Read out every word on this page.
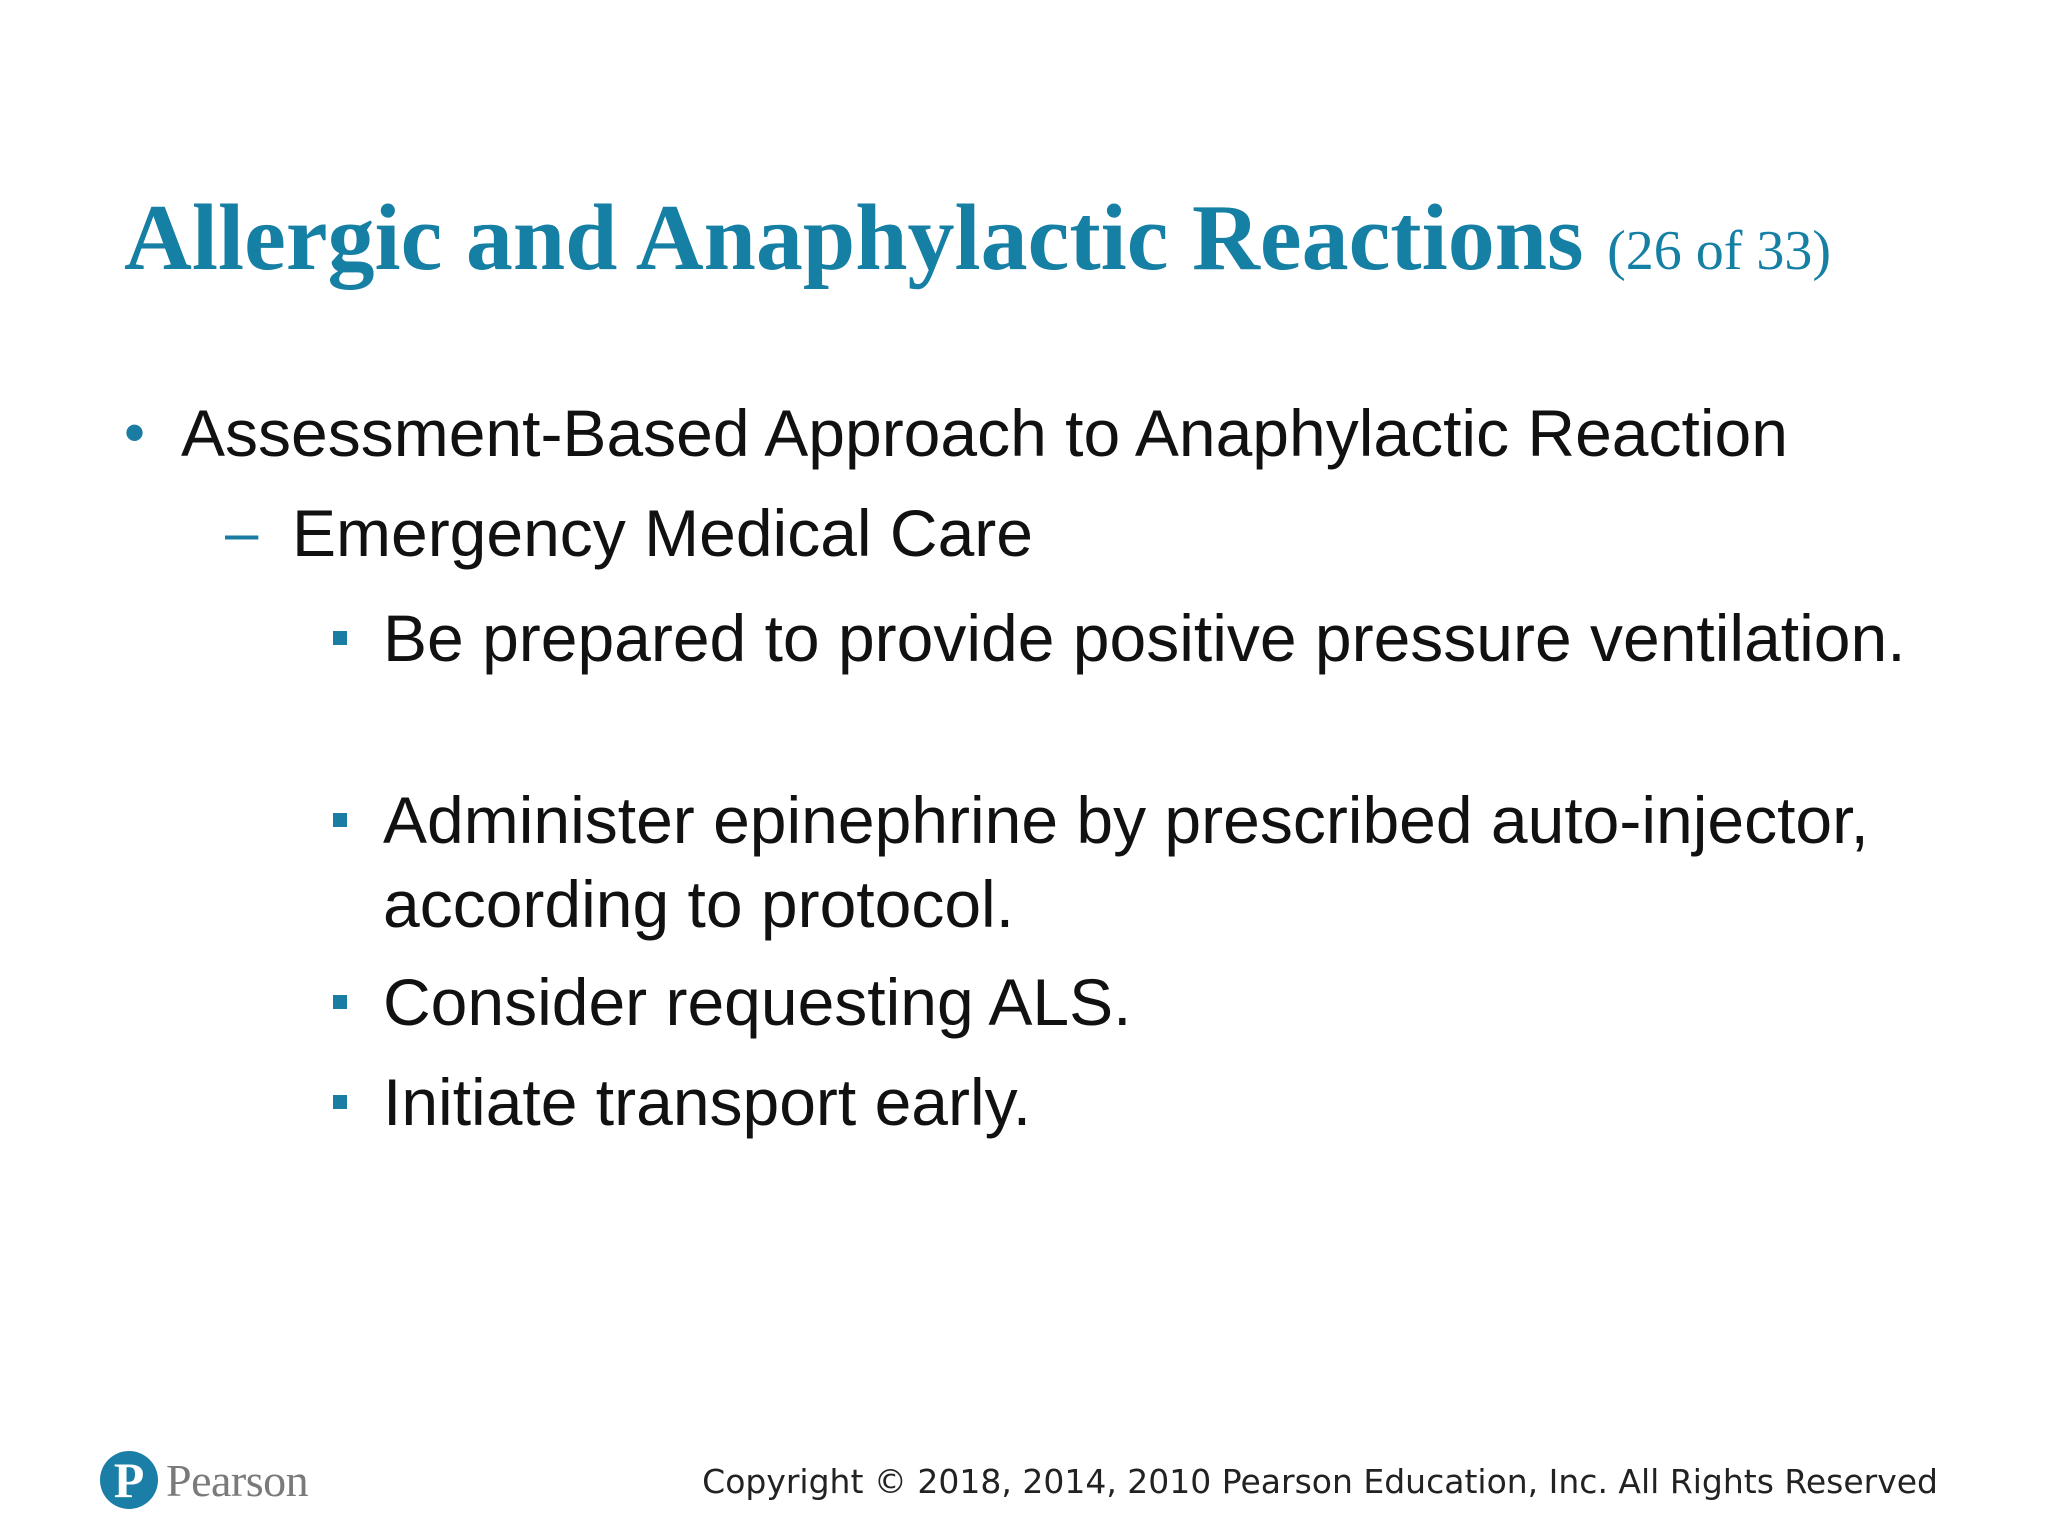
Allergic and Anaphylactic Reactions (26 of 33)
• Assessment-Based Approach to Anaphylactic Reaction
– Emergency Medical Care
Be prepared to provide positive pressure ventilation.
Administer epinephrine by prescribed auto-injector, according to protocol.
Consider requesting ALS.
Initiate transport early.
P Pearson	Copyright © 2018, 2014, 2010 Pearson Education, Inc. All Rights Reserved
